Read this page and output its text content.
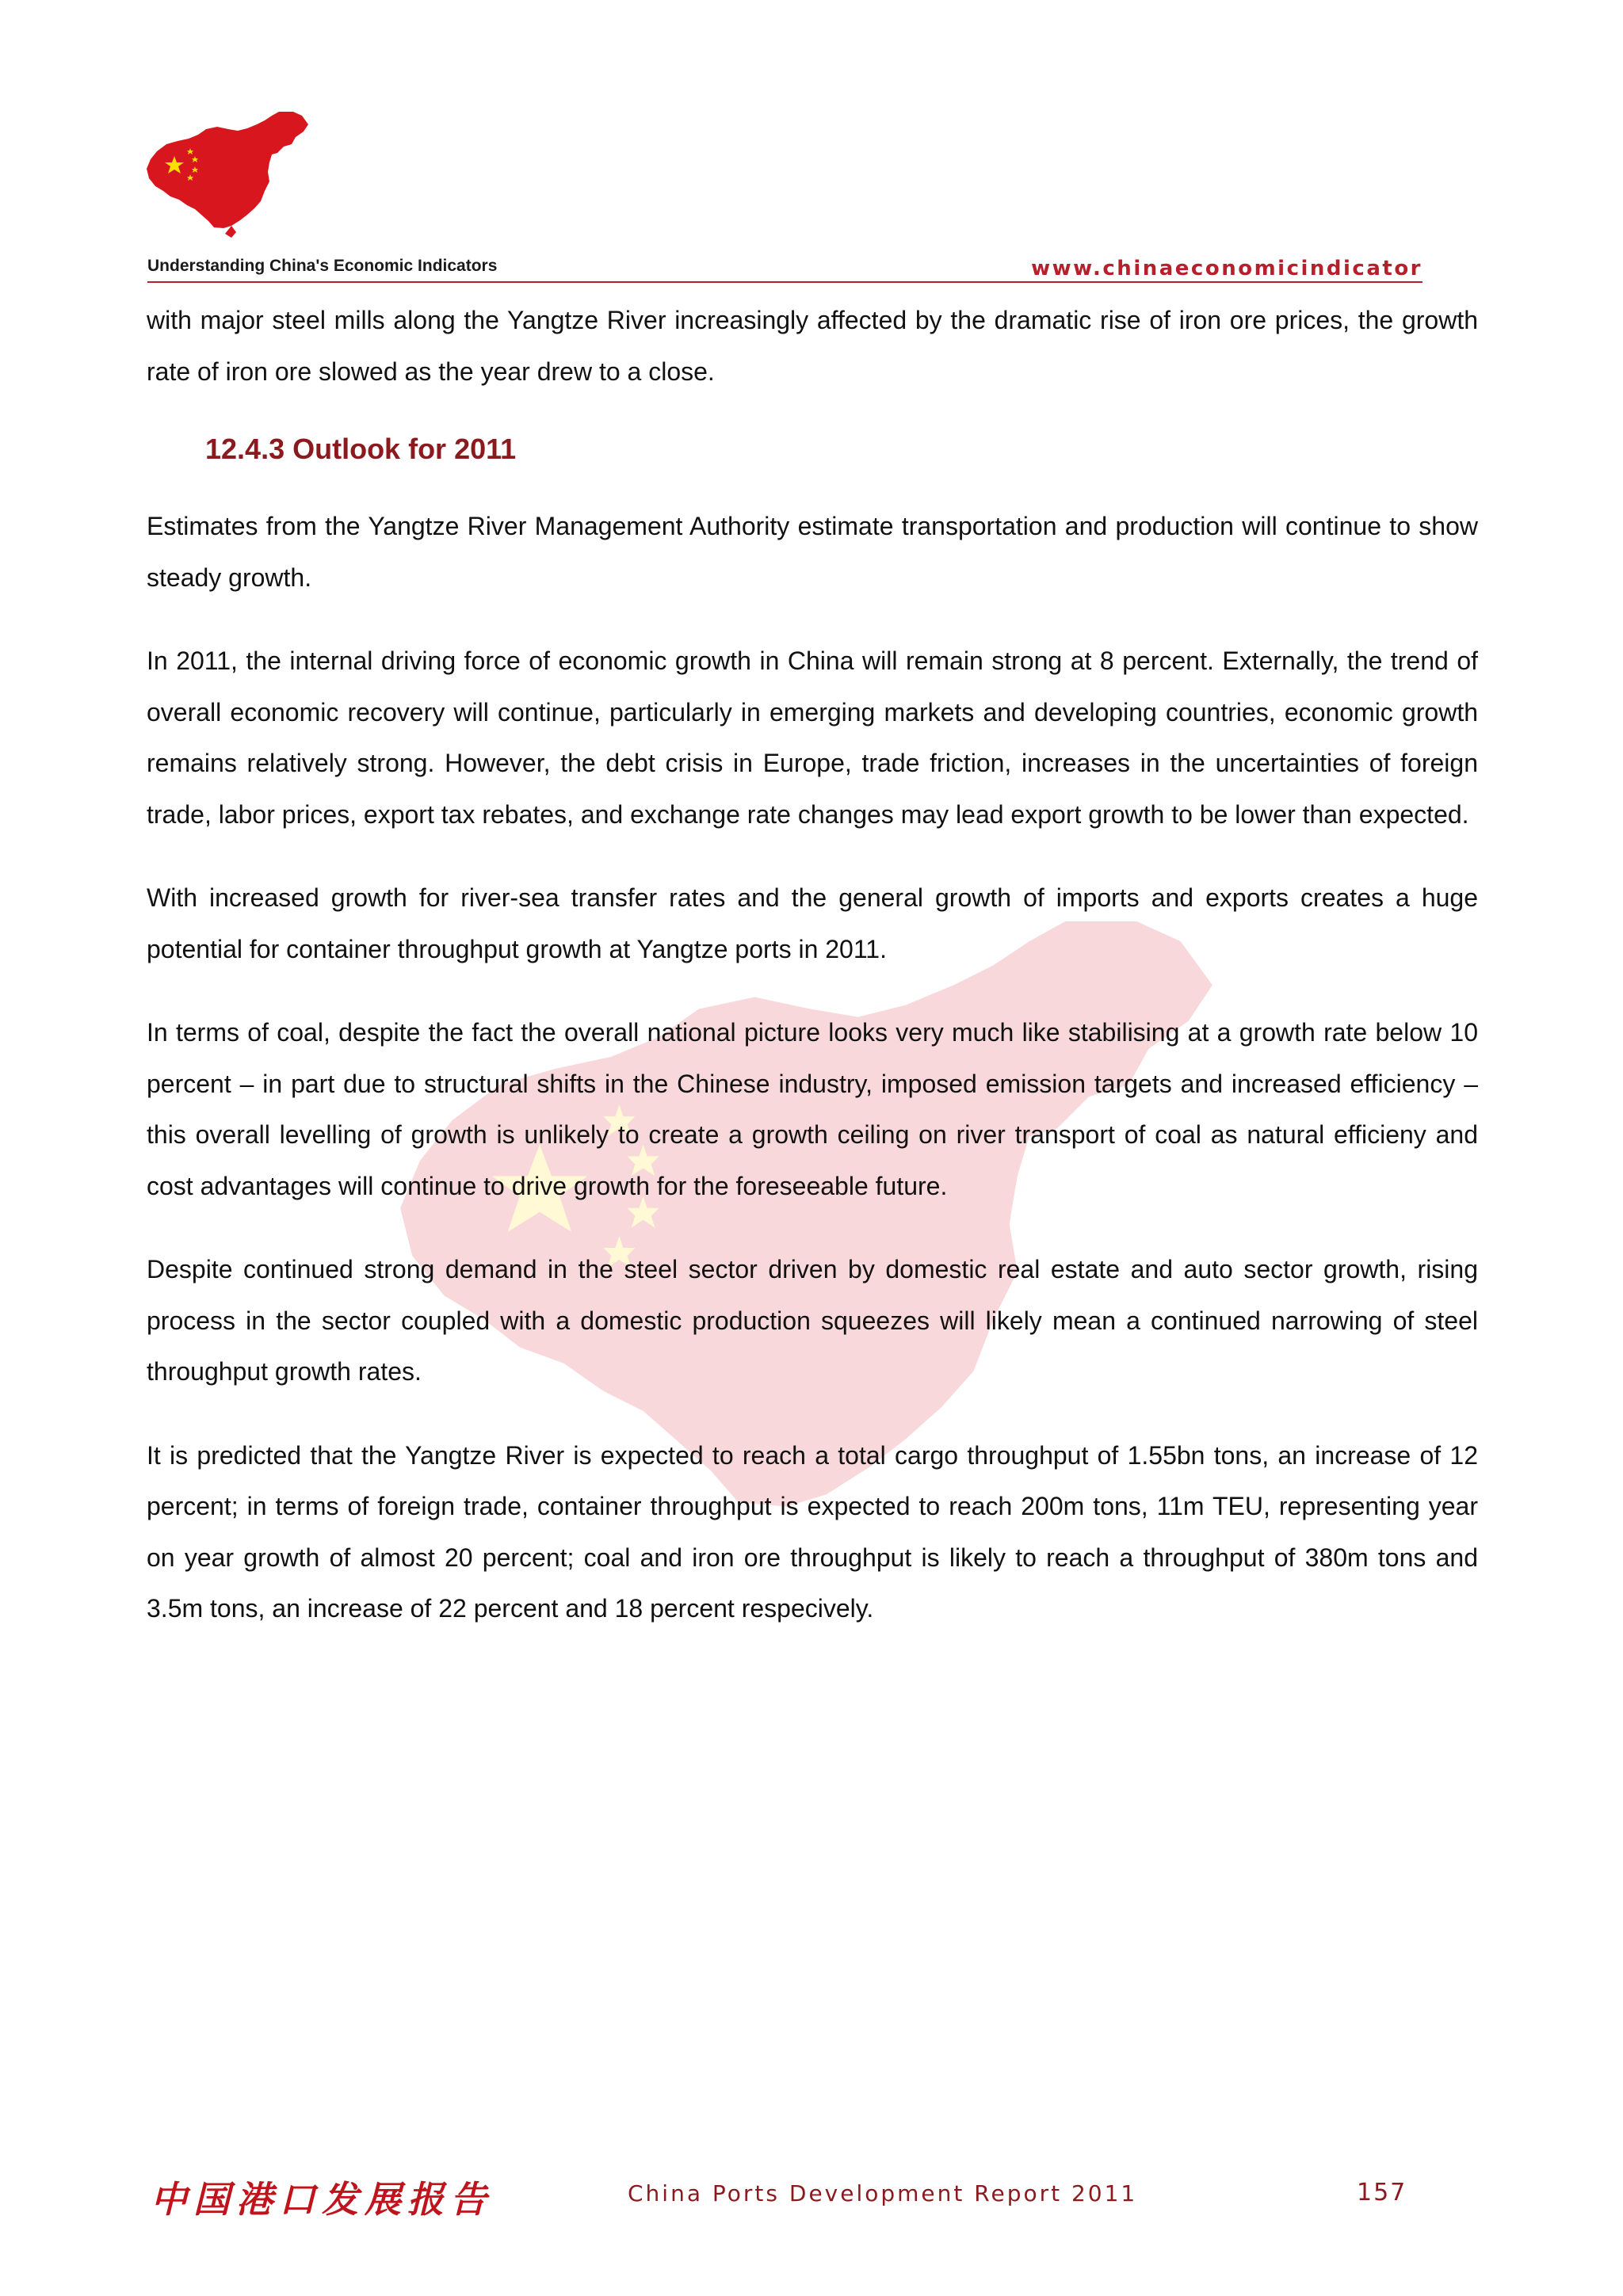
Understanding China's Economic Indicators	www.chinaeconomicindicator

with major steel mills along the Yangtze River increasingly affected by the dramatic rise of iron ore prices, the growth rate of iron ore slowed as the year drew to a close.

12.4.3 Outlook for 2011

Estimates from the Yangtze River Management Authority estimate transportation and production will continue to show steady growth.

In 2011, the internal driving force of economic growth in China will remain strong at 8 percent. Externally, the trend of overall economic recovery will continue, particularly in emerging markets and developing countries, economic growth remains relatively strong. However, the debt crisis in Europe, trade friction, increases in the uncertainties of foreign trade, labor prices, export tax rebates, and exchange rate changes may lead export growth to be lower than expected.

With increased growth for river-sea transfer rates and the general growth of imports and exports creates a huge potential for container throughput growth at Yangtze ports in 2011.

In terms of coal, despite the fact the overall national picture looks very much like stabilising at a growth rate below 10 percent – in part due to structural shifts in the Chinese industry, imposed emission targets and increased efficiency – this overall levelling of growth is unlikely to create a growth ceiling on river transport of coal as natural efficieny and cost advantages will continue to drive growth for the foreseeable future.

Despite continued strong demand in the steel sector driven by domestic real estate and auto sector growth, rising process in the sector coupled with a domestic production squeezes will likely mean a continued narrowing of steel throughput growth rates.

It is predicted that the Yangtze River is expected to reach a total cargo throughput of 1.55bn tons, an increase of 12 percent; in terms of foreign trade, container throughput is expected to reach 200m tons, 11m TEU, representing year on year growth of almost 20 percent; coal and iron ore throughput is likely to reach a throughput of 380m tons and 3.5m tons, an increase of 22 percent and 18 percent respecively.

中国港口发展报告	China Ports Development Report 2011	157
